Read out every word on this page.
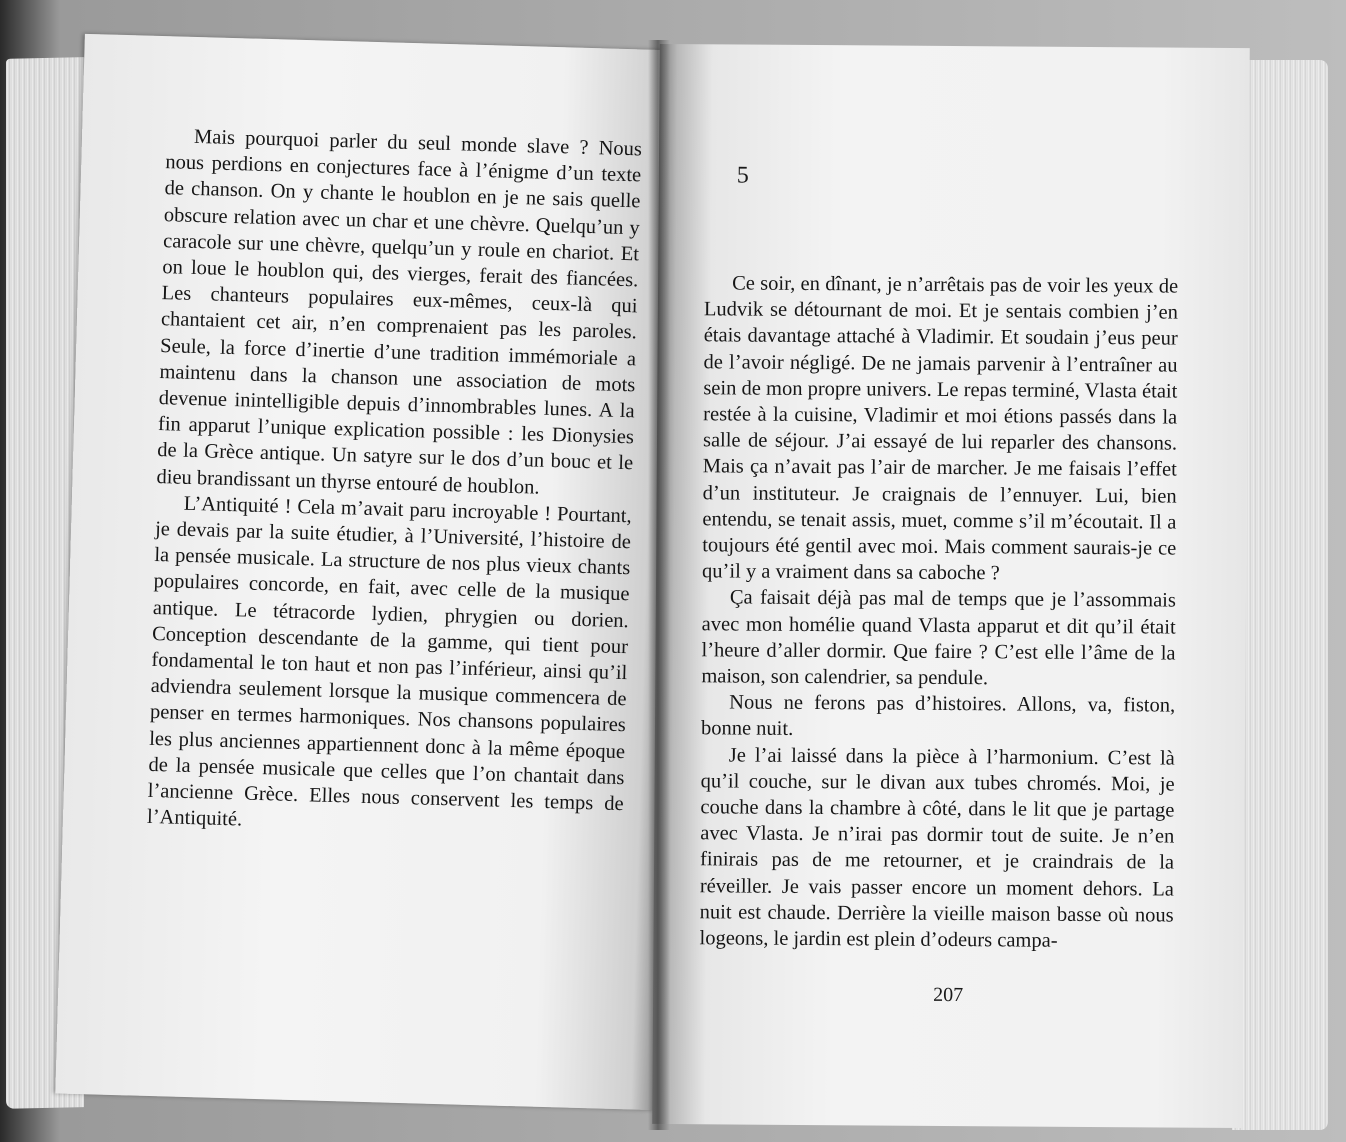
Mais pourquoi parler du seul monde slave ? Nous nous perdions en conjectures face à l’énigme d’un texte de chanson. On y chante le houblon en je ne sais quelle obscure relation avec un char et une chèvre. Quelqu’un y caracole sur une chèvre, quelqu’un y roule en chariot. Et on loue le houblon qui, des vierges, ferait des fiancées. Les chanteurs populaires eux-mêmes, ceux-là qui chantaient cet air, n’en comprenaient pas les paroles. Seule, la force d’inertie d’une tradition immémoriale a maintenu dans la chanson une association de mots devenue inintelligible depuis d’innombrables lunes. A la fin apparut l’unique explication possible : les Dionysies de la Grèce antique. Un satyre sur le dos d’un bouc et le dieu brandissant un thyrse entouré de houblon.

L’Antiquité ! Cela m’avait paru incroyable ! Pourtant, je devais par la suite étudier, à l’Université, l’histoire de la pensée musicale. La structure de nos plus vieux chants populaires concorde, en fait, avec celle de la musique antique. Le tétracorde lydien, phrygien ou dorien. Conception descendante de la gamme, qui tient pour fondamental le ton haut et non pas l’inférieur, ainsi qu’il adviendra seulement lorsque la musique commencera de penser en termes harmoniques. Nos chansons populaires les plus anciennes appartiennent donc à la même époque de la pensée musicale que celles que l’on chantait dans l’ancienne Grèce. Elles nous conservent les temps de l’Antiquité.

5

Ce soir, en dînant, je n’arrêtais pas de voir les yeux de Ludvik se détournant de moi. Et je sentais combien j’en étais davantage attaché à Vladimir. Et soudain j’eus peur de l’avoir négligé. De ne jamais parvenir à l’entraîner au sein de mon propre univers. Le repas terminé, Vlasta était restée à la cuisine, Vladimir et moi étions passés dans la salle de séjour. J’ai essayé de lui reparler des chansons. Mais ça n’avait pas l’air de marcher. Je me faisais l’effet d’un instituteur. Je craignais de l’ennuyer. Lui, bien entendu, se tenait assis, muet, comme s’il m’écoutait. Il a toujours été gentil avec moi. Mais comment saurais-je ce qu’il y a vraiment dans sa caboche ?

Ça faisait déjà pas mal de temps que je l’assommais avec mon homélie quand Vlasta apparut et dit qu’il était l’heure d’aller dormir. Que faire ? C’est elle l’âme de la maison, son calendrier, sa pendule.

Nous ne ferons pas d’histoires. Allons, va, fiston, bonne nuit.

Je l’ai laissé dans la pièce à l’harmonium. C’est là qu’il couche, sur le divan aux tubes chromés. Moi, je couche dans la chambre à côté, dans le lit que je partage avec Vlasta. Je n’irai pas dormir tout de suite. Je n’en finirais pas de me retourner, et je craindrais de la réveiller. Je vais passer encore un moment dehors. La nuit est chaude. Derrière la vieille maison basse où nous logeons, le jardin est plein d’odeurs campa-

207
